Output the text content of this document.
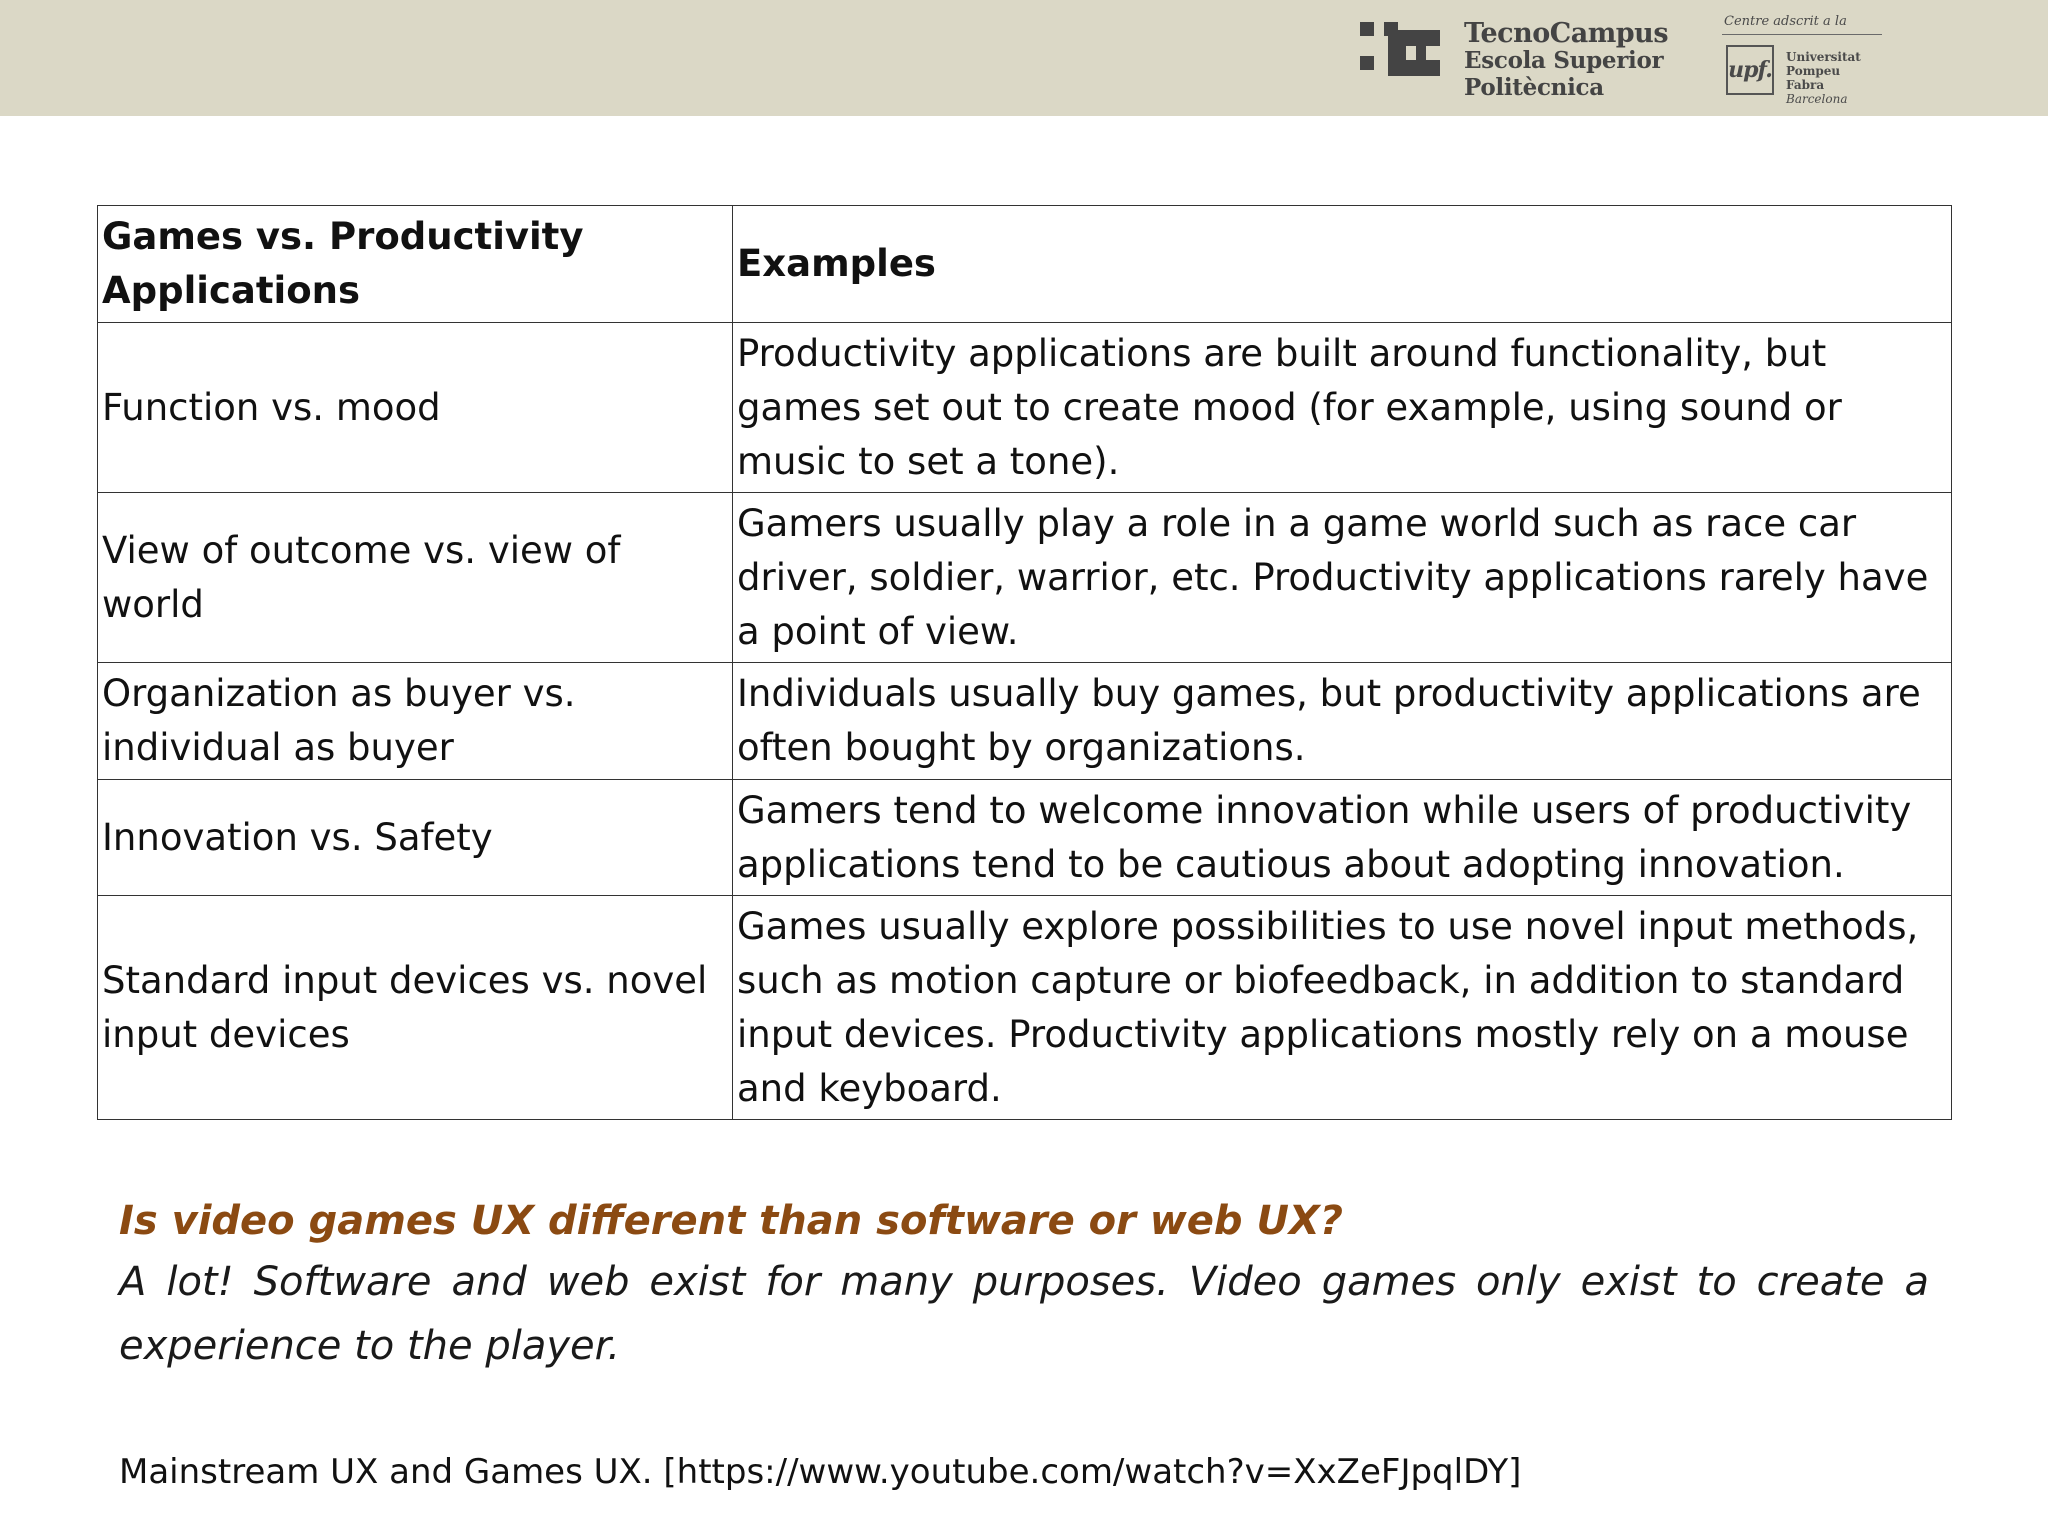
TecnoCampus
Escola Superior
Politècnica
Centre adscrit a la
upf. Universitat
Pompeu Fabra
Barcelona
Games vs. Productivity Applications	Examples
Function vs. mood	Productivity applications are built around functionality, but games set out to create mood (for example, using sound or music to set a tone).
View of outcome vs. view of world	Gamers usually play a role in a game world such as race car driver, soldier, warrior, etc. Productivity applications rarely have a point of view.
Organization as buyer vs. individual as buyer	Individuals usually buy games, but productivity applications are often bought by organizations.
Innovation vs. Safety	Gamers tend to welcome innovation while users of productivity applications tend to be cautious about adopting innovation.
Standard input devices vs. novel input devices	Games usually explore possibilities to use novel input methods, such as motion capture or biofeedback, in addition to standard input devices. Productivity applications mostly rely on a mouse and keyboard.

Is video games UX different than software or web UX?

A lot! Software and web exist for many purposes. Video games only exist to create a experience to the player.

Mainstream UX and Games UX. [https://www.youtube.com/watch?v=XxZeFJpqlDY]
